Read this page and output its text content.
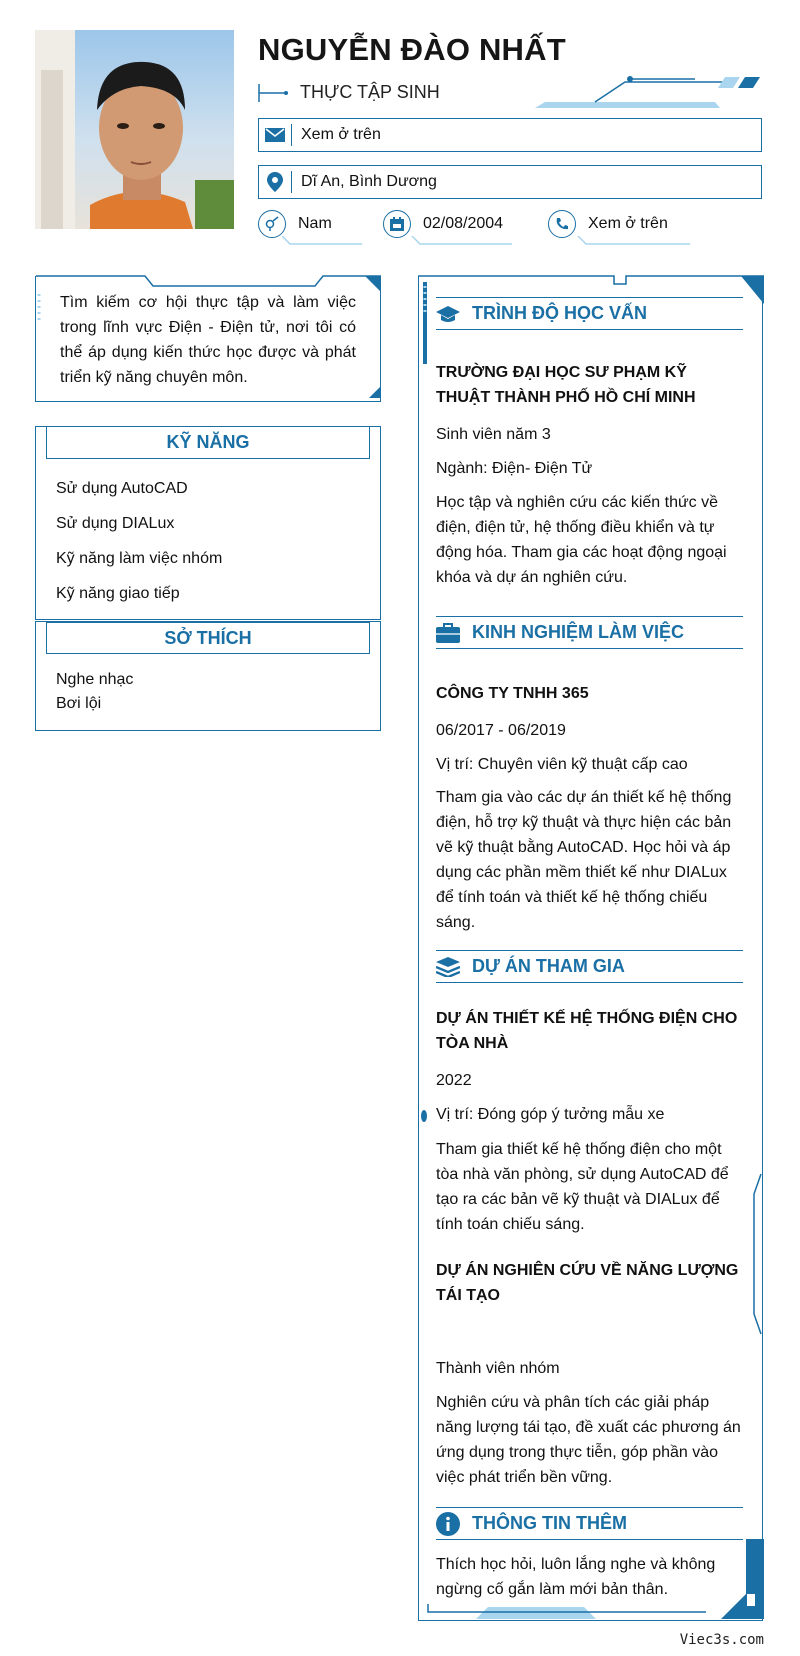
NGUYỄN ĐÀO NHẤT
THỰC TẬP SINH
Xem ở trên
Dĩ An, Bình Dương
Nam	02/08/2004	Xem ở trên

Tìm kiếm cơ hội thực tập và làm việc trong lĩnh vực Điện - Điện tử, nơi tôi có thể áp dụng kiến thức học được và phát triển kỹ năng chuyên môn.

KỸ NĂNG
Sử dụng AutoCAD
Sử dụng DIALux
Kỹ năng làm việc nhóm
Kỹ năng giao tiếp
SỞ THÍCH
Nghe nhạc
Bơi lội
TRÌNH ĐỘ HỌC VẤN
TRƯỜNG ĐẠI HỌC SƯ PHẠM KỸ THUẬT THÀNH PHỐ HỒ CHÍ MINH
Sinh viên năm 3
Ngành: Điện- Điện Tử
Học tập và nghiên cứu các kiến thức về điện, điện tử, hệ thống điều khiển và tự động hóa. Tham gia các hoạt động ngoại khóa và dự án nghiên cứu.
KINH NGHIỆM LÀM VIỆC
CÔNG TY TNHH 365
06/2017 - 06/2019
Vị trí: Chuyên viên kỹ thuật cấp cao
Tham gia vào các dự án thiết kế hệ thống điện, hỗ trợ kỹ thuật và thực hiện các bản vẽ kỹ thuật bằng AutoCAD. Học hỏi và áp dụng các phần mềm thiết kế như DIALux để tính toán và thiết kế hệ thống chiếu sáng.
DỰ ÁN THAM GIA
DỰ ÁN THIẾT KẾ HỆ THỐNG ĐIỆN CHO TÒA NHÀ
2022
Vị trí: Đóng góp ý tưởng mẫu xe
Tham gia thiết kế hệ thống điện cho một tòa nhà văn phòng, sử dụng AutoCAD để tạo ra các bản vẽ kỹ thuật và DIALux để tính toán chiếu sáng.
DỰ ÁN NGHIÊN CỨU VỀ NĂNG LƯỢNG TÁI TẠO
Thành viên nhóm
Nghiên cứu và phân tích các giải pháp năng lượng tái tạo, đề xuất các phương án ứng dụng trong thực tiễn, góp phần vào việc phát triển bền vững.
THÔNG TIN THÊM
Thích học hỏi, luôn lắng nghe và không ngừng cố gắn làm mới bản thân.
Viec3s.com
